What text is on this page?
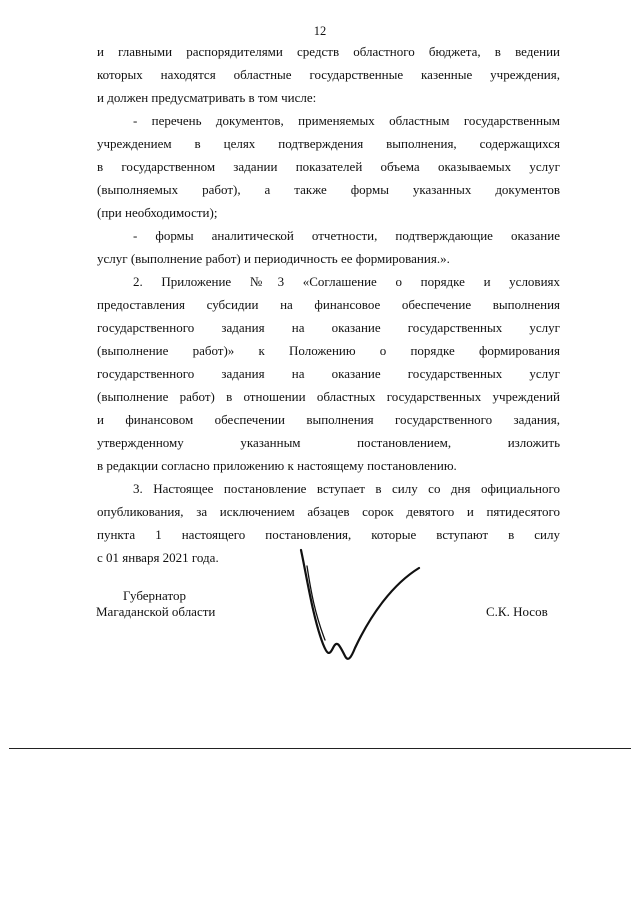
12
и главными распорядителями средств областного бюджета, в ведении
которых находятся областные государственные казенные учреждения,
и должен предусматривать в том числе:
- перечень документов, применяемых областным государственным
учреждением в целях подтверждения выполнения, содержащихся
в государственном задании показателей объема оказываемых услуг
(выполняемых работ), а также формы указанных документов
(при необходимости);
- формы аналитической отчетности, подтверждающие оказание
услуг (выполнение работ) и периодичность ее формирования.».
2. Приложение №3 «Соглашение о порядке и условиях
предоставления субсидии на финансовое обеспечение выполнения
государственного задания на оказание государственных услуг
(выполнение работ)» к Положению о порядке формирования
государственного задания на оказание государственных услуг
(выполнение работ) в отношении областных государственных учреждений
и финансовом обеспечении выполнения государственного задания,
утвержденному указанным постановлением, изложить
в редакции согласно приложению к настоящему постановлению.
3. Настоящее постановление вступает в силу со дня официального
опубликования, за исключением абзацев сорок девятого и пятидесятого
пункта 1 настоящего постановления, которые вступают в силу
с 01 января 2021 года.
Губернатор
Магаданской области	С.К. Носов
